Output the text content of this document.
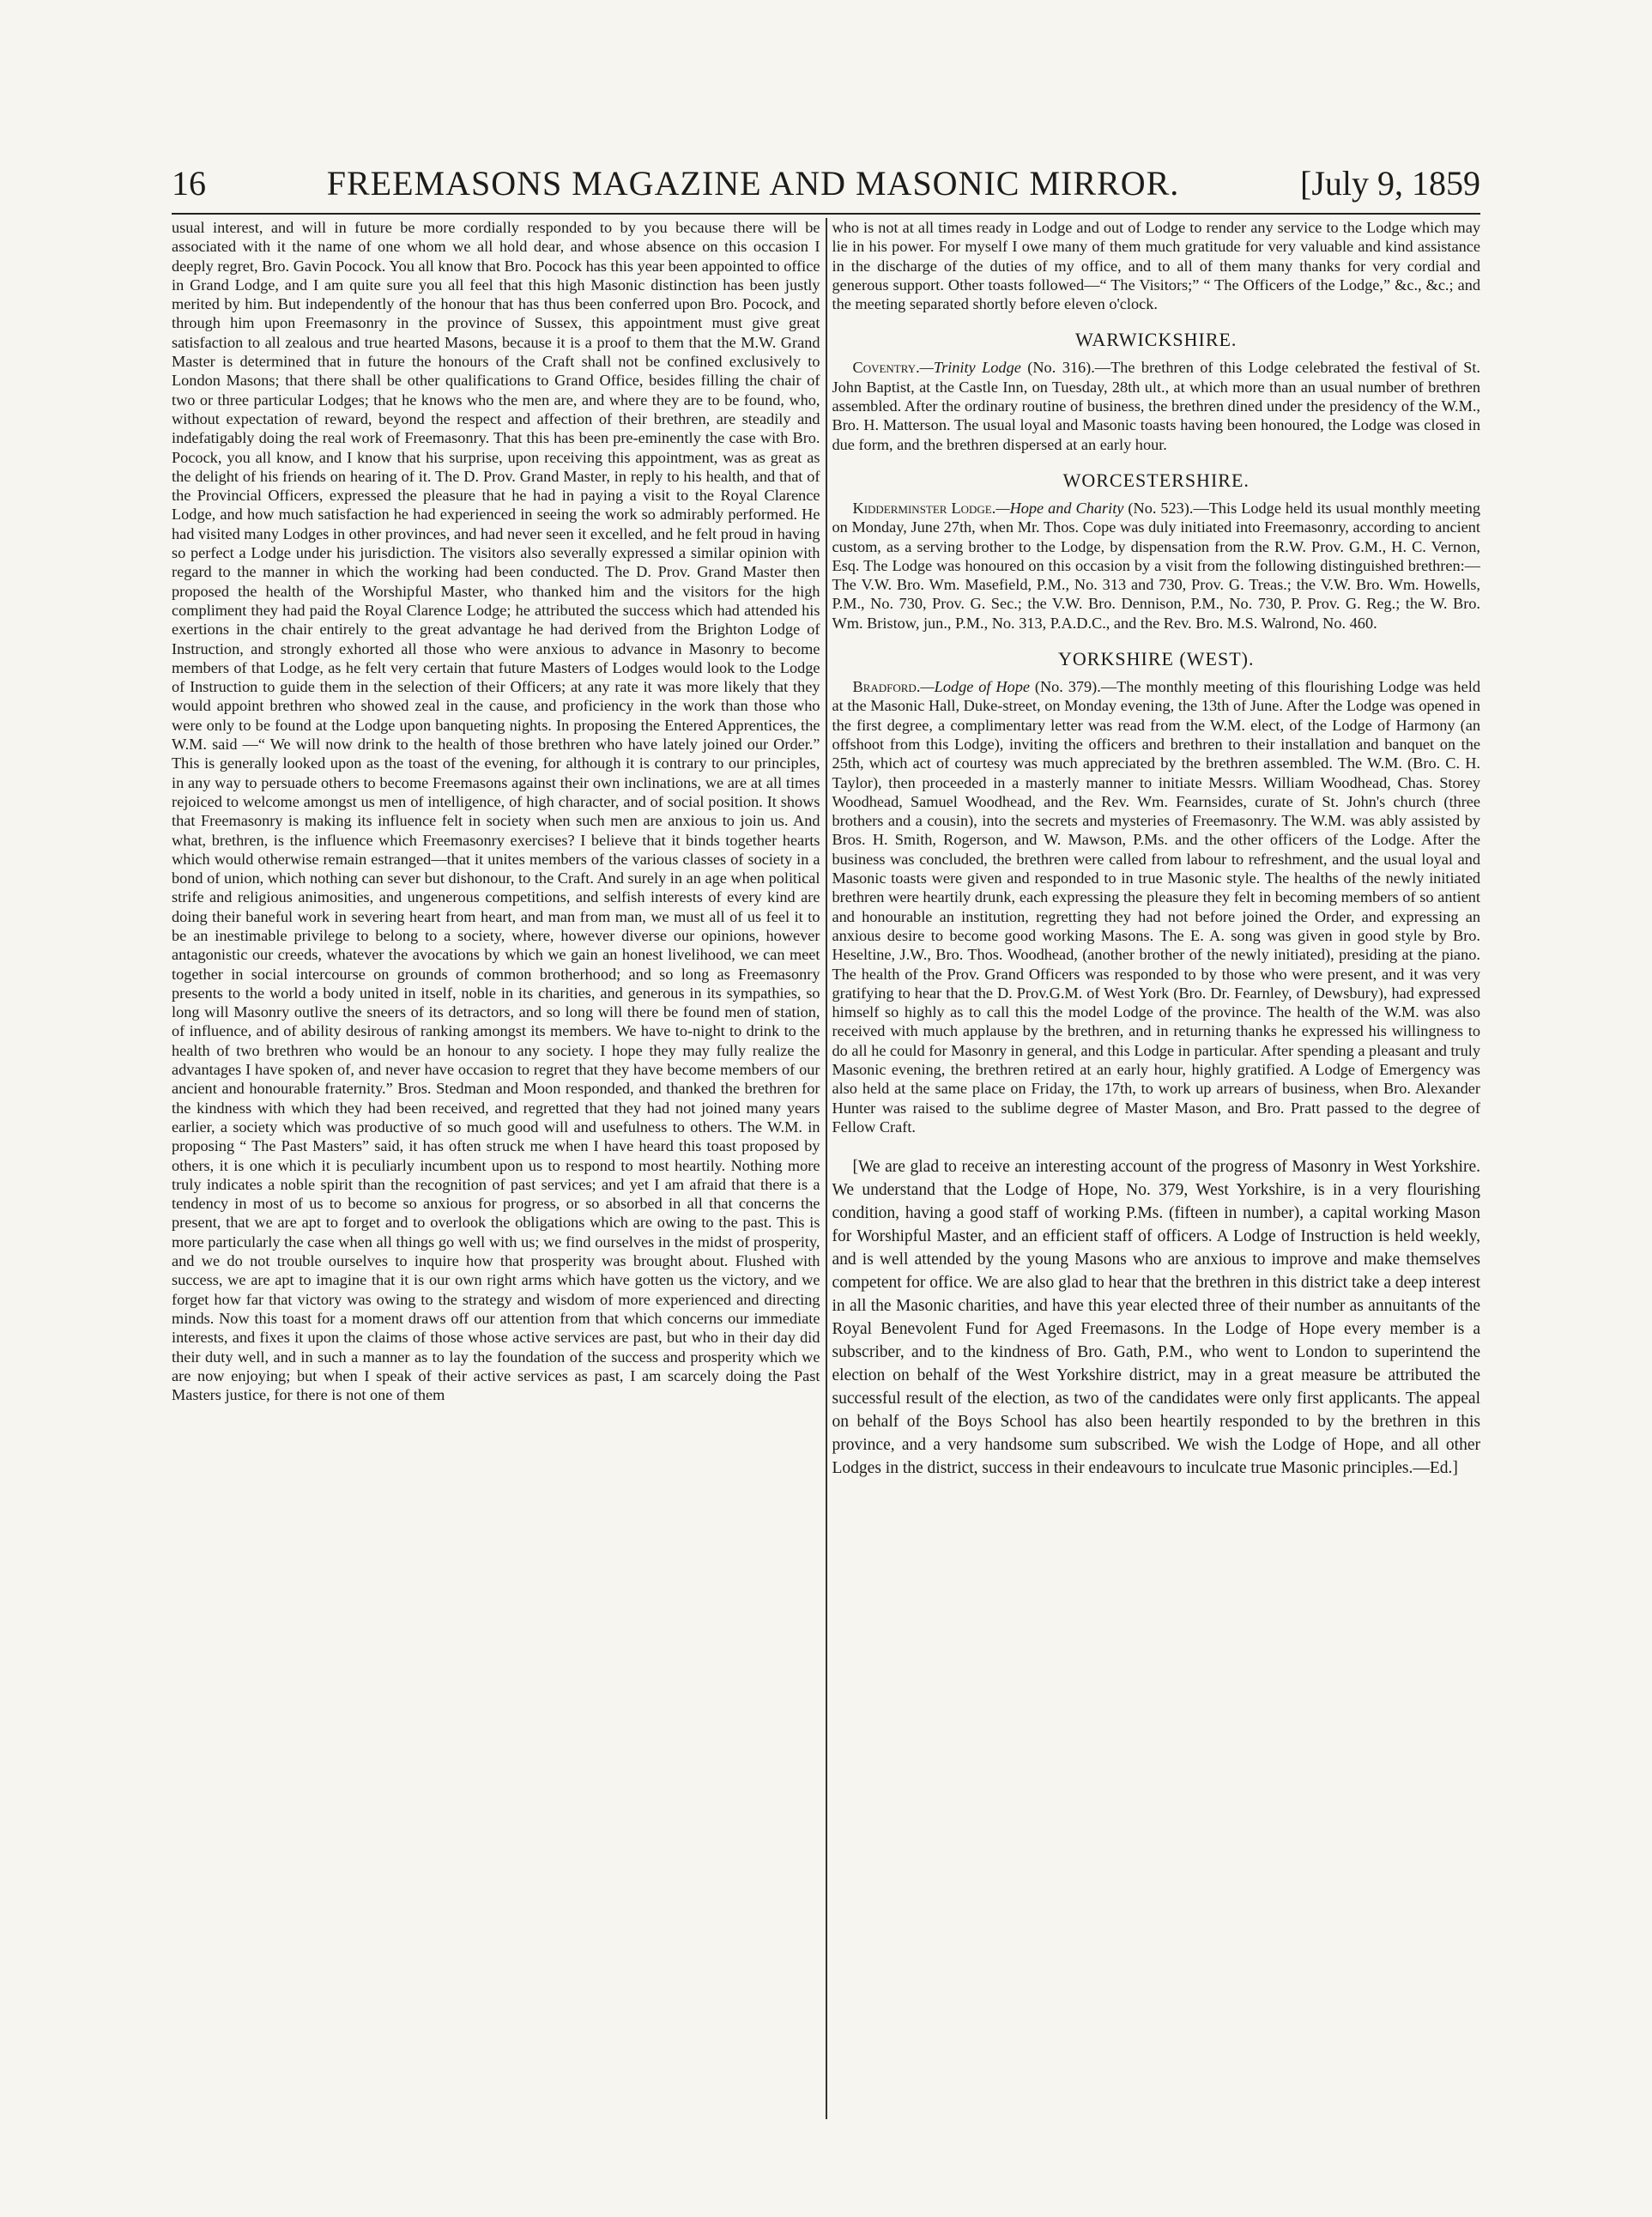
16	FREEMASONS MAGAZINE AND MASONIC MIRROR.	[July 9, 1859

usual interest, and will in future be more cordially responded to by you because there will be associated with it the name of one whom we all hold dear, and whose absence on this occasion I deeply regret, Bro. Gavin Pocock. You all know that Bro. Pocock has this year been appointed to office in Grand Lodge, and I am quite sure you all feel that this high Masonic distinction has been justly merited by him. But independently of the honour that has thus been conferred upon Bro. Pocock, and through him upon Freemasonry in the province of Sussex, this appointment must give great satisfaction to all zealous and true hearted Masons, because it is a proof to them that the M.W. Grand Master is determined that in future the honours of the Craft shall not be confined exclusively to London Masons; that there shall be other qualifications to Grand Office, besides filling the chair of two or three particular Lodges; that he knows who the men are, and where they are to be found, who, without expectation of reward, beyond the respect and affection of their brethren, are steadily and indefatigably doing the real work of Freemasonry. That this has been pre-eminently the case with Bro. Pocock, you all know, and I know that his surprise, upon receiving this appointment, was as great as the delight of his friends on hearing of it. The D. Prov. Grand Master, in reply to his health, and that of the Provincial Officers, expressed the pleasure that he had in paying a visit to the Royal Clarence Lodge, and how much satisfaction he had experienced in seeing the work so admirably performed. He had visited many Lodges in other provinces, and had never seen it excelled, and he felt proud in having so perfect a Lodge under his jurisdiction. The visitors also severally expressed a similar opinion with regard to the manner in which the working had been conducted. The D. Prov. Grand Master then proposed the health of the Worshipful Master, who thanked him and the visitors for the high compliment they had paid the Royal Clarence Lodge; he attributed the success which had attended his exertions in the chair entirely to the great advantage he had derived from the Brighton Lodge of Instruction, and strongly exhorted all those who were anxious to advance in Masonry to become members of that Lodge, as he felt very certain that future Masters of Lodges would look to the Lodge of Instruction to guide them in the selection of their Officers; at any rate it was more likely that they would appoint brethren who showed zeal in the cause, and proficiency in the work than those who were only to be found at the Lodge upon banqueting nights. In proposing the Entered Apprentices, the W.M. said —“ We will now drink to the health of those brethren who have lately joined our Order.” This is generally looked upon as the toast of the evening, for although it is contrary to our principles, in any way to persuade others to become Freemasons against their own inclinations, we are at all times rejoiced to welcome amongst us men of intelligence, of high character, and of social position. It shows that Freemasonry is making its influence felt in society when such men are anxious to join us. And what, brethren, is the influence which Freemasonry exercises? I believe that it binds together hearts which would otherwise remain estranged—that it unites members of the various classes of society in a bond of union, which nothing can sever but dishonour, to the Craft. And surely in an age when political strife and religious animosities, and ungenerous competitions, and selfish interests of every kind are doing their baneful work in severing heart from heart, and man from man, we must all of us feel it to be an inestimable privilege to belong to a society, where, however diverse our opinions, however antagonistic our creeds, whatever the avocations by which we gain an honest livelihood, we can meet together in social intercourse on grounds of common brotherhood; and so long as Freemasonry presents to the world a body united in itself, noble in its charities, and generous in its sympathies, so long will Masonry outlive the sneers of its detractors, and so long will there be found men of station, of influence, and of ability desirous of ranking amongst its members. We have to-night to drink to the health of two brethren who would be an honour to any society. I hope they may fully realize the advantages I have spoken of, and never have occasion to regret that they have become members of our ancient and honourable fraternity.” Bros. Stedman and Moon responded, and thanked the brethren for the kindness with which they had been received, and regretted that they had not joined many years earlier, a society which was productive of so much good will and usefulness to others. The W.M. in proposing “ The Past Masters” said, it has often struck me when I have heard this toast proposed by others, it is one which it is peculiarly incumbent upon us to respond to most heartily. Nothing more truly indicates a noble spirit than the recognition of past services; and yet I am afraid that there is a tendency in most of us to become so anxious for progress, or so absorbed in all that concerns the present, that we are apt to forget and to overlook the obligations which are owing to the past. This is more particularly the case when all things go well with us; we find ourselves in the midst of prosperity, and we do not trouble ourselves to inquire how that prosperity was brought about. Flushed with success, we are apt to imagine that it is our own right arms which have gotten us the victory, and we forget how far that victory was owing to the strategy and wisdom of more experienced and directing minds. Now this toast for a moment draws off our attention from that which concerns our immediate interests, and fixes it upon the claims of those whose active services are past, but who in their day did their duty well, and in such a manner as to lay the foundation of the success and prosperity which we are now enjoying; but when I speak of their active services as past, I am scarcely doing the Past Masters justice, for there is not one of them

who is not at all times ready in Lodge and out of Lodge to render any service to the Lodge which may lie in his power. For myself I owe many of them much gratitude for very valuable and kind assistance in the discharge of the duties of my office, and to all of them many thanks for very cordial and generous support. Other toasts followed—“ The Visitors;” “ The Officers of the Lodge,” &c., &c.; and the meeting separated shortly before eleven o'clock.

WARWICKSHIRE.

Coventry.—Trinity Lodge (No. 316).—The brethren of this Lodge celebrated the festival of St. John Baptist, at the Castle Inn, on Tuesday, 28th ult., at which more than an usual number of brethren assembled. After the ordinary routine of business, the brethren dined under the presidency of the W.M., Bro. H. Matterson. The usual loyal and Masonic toasts having been honoured, the Lodge was closed in due form, and the brethren dispersed at an early hour.

WORCESTERSHIRE.

Kidderminster Lodge.—Hope and Charity (No. 523).—This Lodge held its usual monthly meeting on Monday, June 27th, when Mr. Thos. Cope was duly initiated into Freemasonry, according to ancient custom, as a serving brother to the Lodge, by dispensation from the R.W. Prov. G.M., H. C. Vernon, Esq. The Lodge was honoured on this occasion by a visit from the following distinguished brethren:—The V.W. Bro. Wm. Masefield, P.M., No. 313 and 730, Prov. G. Treas.; the V.W. Bro. Wm. Howells, P.M., No. 730, Prov. G. Sec.; the V.W. Bro. Dennison, P.M., No. 730, P. Prov. G. Reg.; the W. Bro. Wm. Bristow, jun., P.M., No. 313, P.A.D.C., and the Rev. Bro. M.S. Walrond, No. 460.

YORKSHIRE (WEST).

Bradford.—Lodge of Hope (No. 379).—The monthly meeting of this flourishing Lodge was held at the Masonic Hall, Duke-street, on Monday evening, the 13th of June. After the Lodge was opened in the first degree, a complimentary letter was read from the W.M. elect, of the Lodge of Harmony (an offshoot from this Lodge), inviting the officers and brethren to their installation and banquet on the 25th, which act of courtesy was much appreciated by the brethren assembled. The W.M. (Bro. C. H. Taylor), then proceeded in a masterly manner to initiate Messrs. William Woodhead, Chas. Storey Woodhead, Samuel Woodhead, and the Rev. Wm. Fearnsides, curate of St. John's church (three brothers and a cousin), into the secrets and mysteries of Freemasonry. The W.M. was ably assisted by Bros. H. Smith, Rogerson, and W. Mawson, P.Ms. and the other officers of the Lodge. After the business was concluded, the brethren were called from labour to refreshment, and the usual loyal and Masonic toasts were given and responded to in true Masonic style. The healths of the newly initiated brethren were heartily drunk, each expressing the pleasure they felt in becoming members of so antient and honourable an institution, regretting they had not before joined the Order, and expressing an anxious desire to become good working Masons. The E. A. song was given in good style by Bro. Heseltine, J.W., Bro. Thos. Woodhead, (another brother of the newly initiated), presiding at the piano. The health of the Prov. Grand Officers was responded to by those who were present, and it was very gratifying to hear that the D. Prov.G.M. of West York (Bro. Dr. Fearnley, of Dewsbury), had expressed himself so highly as to call this the model Lodge of the province. The health of the W.M. was also received with much applause by the brethren, and in returning thanks he expressed his willingness to do all he could for Masonry in general, and this Lodge in particular. After spending a pleasant and truly Masonic evening, the brethren retired at an early hour, highly gratified. A Lodge of Emergency was also held at the same place on Friday, the 17th, to work up arrears of business, when Bro. Alexander Hunter was raised to the sublime degree of Master Mason, and Bro. Pratt passed to the degree of Fellow Craft.

[We are glad to receive an interesting account of the progress of Masonry in West Yorkshire. We understand that the Lodge of Hope, No. 379, West Yorkshire, is in a very flourishing condition, having a good staff of working P.Ms. (fifteen in number), a capital working Mason for Worshipful Master, and an efficient staff of officers. A Lodge of Instruction is held weekly, and is well attended by the young Masons who are anxious to improve and make themselves competent for office. We are also glad to hear that the brethren in this district take a deep interest in all the Masonic charities, and have this year elected three of their number as annuitants of the Royal Benevolent Fund for Aged Freemasons. In the Lodge of Hope every member is a subscriber, and to the kindness of Bro. Gath, P.M., who went to London to superintend the election on behalf of the West Yorkshire district, may in a great measure be attributed the successful result of the election, as two of the candidates were only first applicants. The appeal on behalf of the Boys School has also been heartily responded to by the brethren in this province, and a very handsome sum subscribed. We wish the Lodge of Hope, and all other Lodges in the district, success in their endeavours to inculcate true Masonic principles.—Ed.]
